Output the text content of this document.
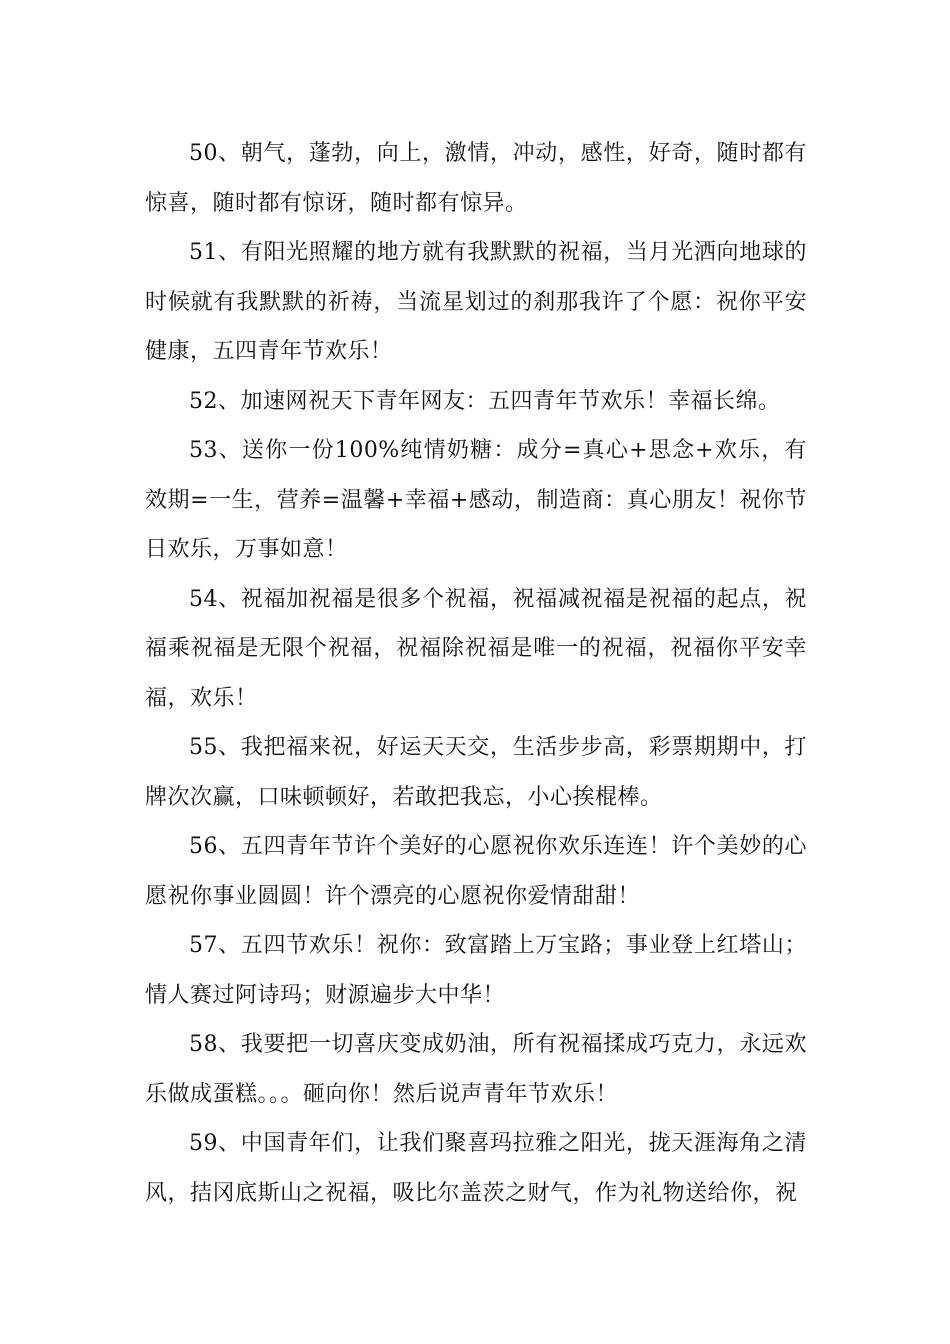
50、朝气，蓬勃，向上，激情，冲动，感性，好奇，随时都有惊喜，随时都有惊讶，随时都有惊异。

51、有阳光照耀的地方就有我默默的祝福，当月光洒向地球的时候就有我默默的祈祷，当流星划过的刹那我许了个愿：祝你平安健康，五四青年节欢乐！

52、加速网祝天下青年网友：五四青年节欢乐！幸福长绵。

53、送你一份100%纯情奶糖：成分=真心+思念+欢乐，有效期=一生，营养=温馨+幸福+感动，制造商：真心朋友！祝你节日欢乐，万事如意！

54、祝福加祝福是很多个祝福，祝福减祝福是祝福的起点，祝福乘祝福是无限个祝福，祝福除祝福是唯一的祝福，祝福你平安幸福，欢乐！

55、我把福来祝，好运天天交，生活步步高，彩票期期中，打牌次次赢，口味顿顿好，若敢把我忘，小心挨棍棒。

56、五四青年节许个美好的心愿祝你欢乐连连！许个美妙的心愿祝你事业圆圆！许个漂亮的心愿祝你爱情甜甜！

57、五四节欢乐！祝你：致富踏上万宝路；事业登上红塔山；情人赛过阿诗玛；财源遍步大中华！

58、我要把一切喜庆变成奶油，所有祝福揉成巧克力，永远欢乐做成蛋糕。。。砸向你！然后说声青年节欢乐！

59、中国青年们，让我们聚喜玛拉雅之阳光，拢天涯海角之清风，拮冈底斯山之祝福，吸比尔盖茨之财气，作为礼物送给你，祝
